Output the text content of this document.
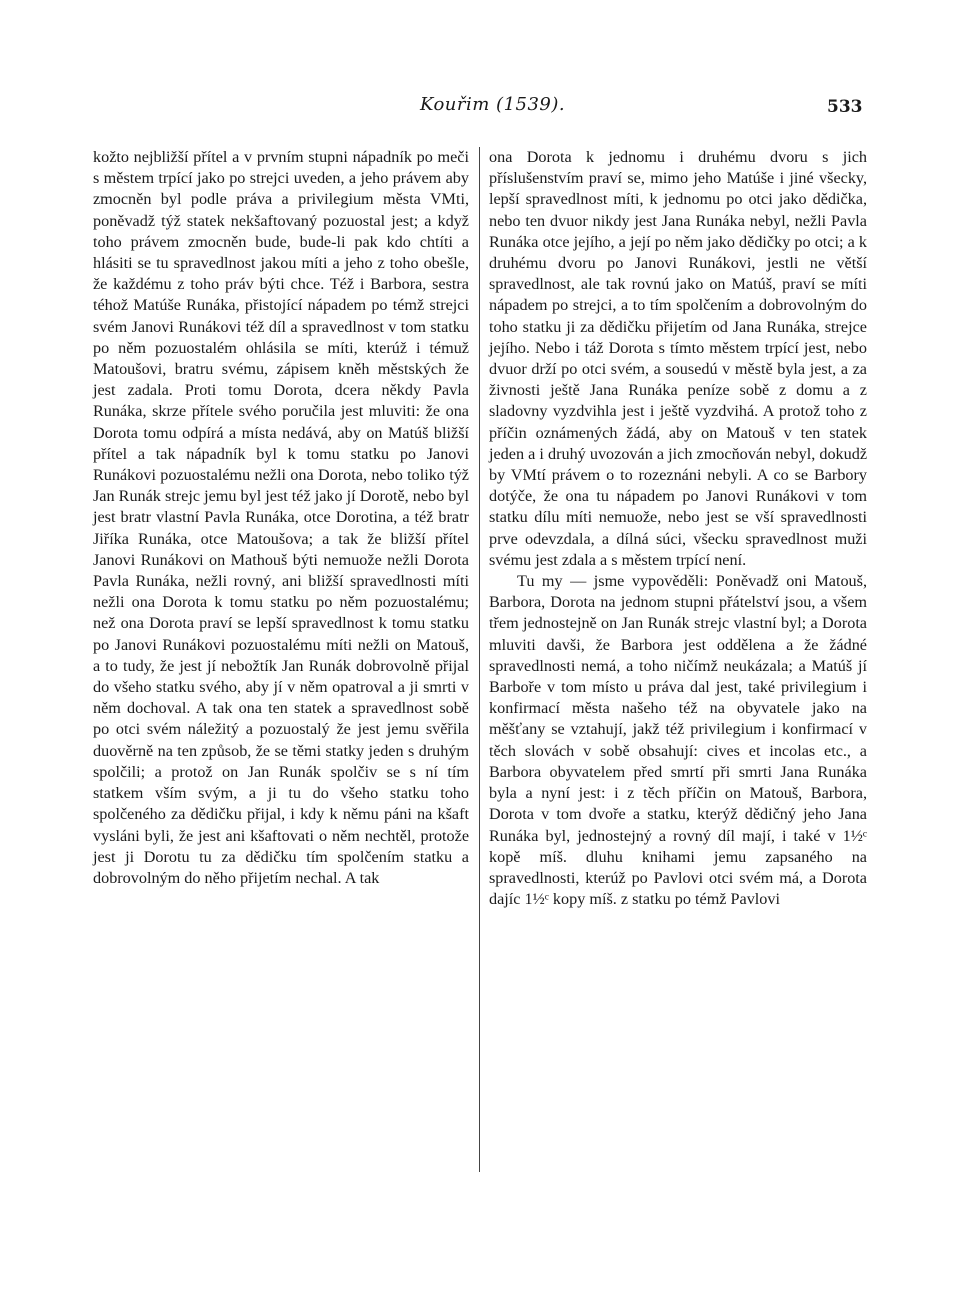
Kouřim (1539).	533

kožto nejbližší přítel a v prvním stupni nápadník po meči s městem trpící jako po strejci uveden, a jeho právem aby zmocněn byl podle práva a privilegium města VMti, poněvadž týž statek nekšaftovaný pozuostal jest; a když toho právem zmocněn bude, bude-li pak kdo chtíti a hlásiti se tu spravedlnost jakou míti a jeho z toho obešle, že každému z toho práv býti chce. Též i Barbora, sestra téhož Matúše Runáka, přistojící nápadem po témž strejci svém Janovi Runákovi též díl a spravedlnost v tom statku po něm pozuostalém ohlásila se míti, kterúž i témuž Matoušovi, bratru svému, zápisem kněh městských že jest zadala. Proti tomu Dorota, dcera někdy Pavla Runáka, skrze přítele svého poručila jest mluviti: že ona Dorota tomu odpírá a místa nedává, aby on Matúš bližší přítel a tak nápadník byl k tomu statku po Janovi Runákovi pozuostalému nežli ona Dorota, nebo toliko týž Jan Runák strejc jemu byl jest též jako jí Dorotě, nebo byl jest bratr vlastní Pavla Runáka, otce Dorotina, a též bratr Jiříka Runáka, otce Matoušova; a tak že bližší přítel Janovi Runákovi on Mathouš býti nemuože nežli Dorota Pavla Runáka, nežli rovný, ani bližší spravedlnosti míti nežli ona Dorota k tomu statku po něm pozuostalému; než ona Dorota praví se lepší spravedlnost k tomu statku po Janovi Runákovi pozuostalému míti nežli on Matouš, a to tudy, že jest jí nebožtík Jan Runák dobrovolně přijal do všeho statku svého, aby jí v něm opatroval a ji smrti v něm dochoval. A tak ona ten statek a spravedlnost sobě po otci svém náležitý a pozuostalý že jest jemu svěřila duověrně na ten způsob, že se těmi statky jeden s druhým spolčili; a protož on Jan Runák spolčiv se s ní tím statkem vším svým, a ji tu do všeho statku toho spolčeného za dědičku přijal, i kdy k němu páni na kšaft vysláni byli, že jest ani kšaftovati o něm nechtěl, protože jest ji Dorotu tu za dědičku tím spolčením statku a dobrovolným do něho přijetím nechal. A tak

ona Dorota k jednomu i druhému dvoru s jich příslušenstvím praví se, mimo jeho Matúše i jiné všecky, lepší spravedlnost míti, k jednomu po otci jako dědička, nebo ten dvuor nikdy jest Jana Runáka nebyl, nežli Pavla Runáka otce jejího, a její po něm jako dědičky po otci; a k druhému dvoru po Janovi Runákovi, jestli ne větší spravedlnost, ale tak rovnú jako on Matúš, praví se míti nápadem po strejci, a to tím spolčením a dobrovolným do toho statku ji za dědičku přijetím od Jana Runáka, strejce jejího. Nebo i táž Dorota s tímto městem trpící jest, nebo dvuor drží po otci svém, a sousedú v městě byla jest, a za živnosti ještě Jana Runáka peníze sobě z domu a z sladovny vyzdvihla jest i ještě vyzdvihá. A protož toho z příčin oznámených žádá, aby on Matouš v ten statek jeden a i druhý uvozován a jich zmocňován nebyl, dokudž by VMtí právem o to rozeznáni nebyli. A co se Barbory dotýče, že ona tu nápadem po Janovi Runákovi v tom statku dílu míti nemuože, nebo jest se vší spravedlnosti prve odevzdala, a dílná súci, všecku spravedlnost muži svému jest zdala a s městem trpící není.

Tu my — jsme vypověděli: Poněvadž oni Matouš, Barbora, Dorota na jednom stupni přátelství jsou, a všem třem jednostejně on Jan Runák strejc vlastní byl; a Dorota mluviti davši, že Barbora jest oddělena a že žádné spravedlnosti nemá, a toho ničímž neukázala; a Matúš jí Barboře v tom místo u práva dal jest, také privilegium i konfirmací města našeho též na obyvatele jako na měšťany se vztahují, jakž též privilegium i konfirmací v těch slovách v sobě obsahují: cives et incolas etc., a Barbora obyvatelem před smrtí při smrti Jana Runáka byla a nyní jest: i z těch příčin on Matouš, Barbora, Dorota v tom dvoře a statku, kterýž dědičný jeho Jana Runáka byl, jednostejný a rovný díl mají, i také v 1½ᶜ kopě míš. dluhu knihami jemu zapsaného na spravedlnosti, kterúž po Pavlovi otci svém má, a Dorota dajíc 1½ᶜ kopy míš. z statku po témž Pavlovi
